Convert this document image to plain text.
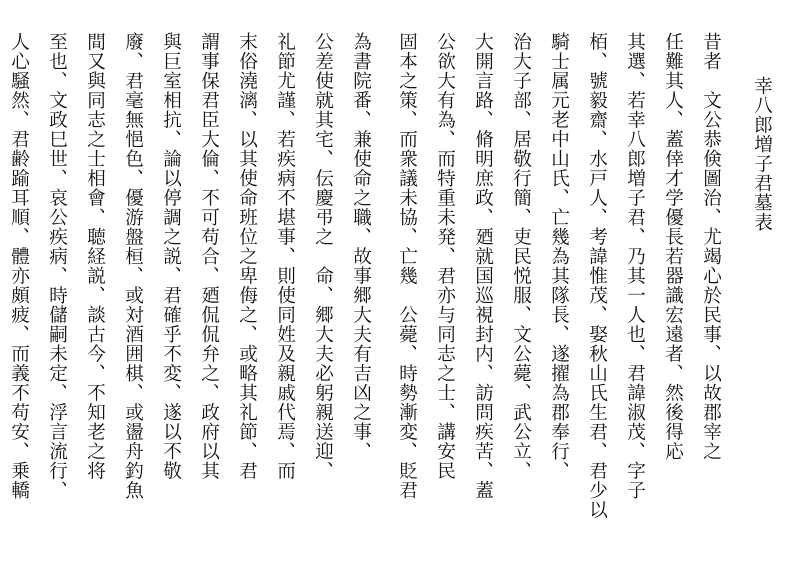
幸八郎増子君墓表
昔者　文公恭倹圖治、尤竭心於民事、以故郡宰之
任難其人、蓋倖才学優長若器識宏遠者、然後得応
其選、若幸八郎増子君、乃其一人也、君諱淑茂、字子
栢、號毅齋、水戸人、考諱惟茂、娶秋山氏生君、君少以
騎士属元老中山氏、亡幾為其隊長、遂擢為郡奉行、
治大子部、居敬行簡、吏民悦服、文公薨、武公立、
大開言路、脩明庶政、廼就国巡視封内、訪問疾苦、蓋
公欲大有為、而特重未発、君亦与同志之士、講安民
固本之策、而衆議未協、亡幾　公薨、時勢漸変、貶君
為書院番、兼使命之職、故事郷大夫有吉凶之事、
公差使就其宅、伝慶弔之　命、郷大夫必躬親送迎、
礼節尤謹、若疾病不堪事、則使同姓及親戚代焉、而
末俗澆漓、以其使命班位之卑侮之、或略其礼節、君
謂事保君臣大倫、不可苟合、廼侃侃弁之、政府以其
與巨室相抗、論以停調之説、君確乎不変、遂以不敬
廢、君毫無悒色、優游盤桓、或対酒囲棋、或盪舟釣魚
間又與同志之士相會、聴経説、談古今、不知老之将
至也、文政巳世、哀公疾病、時儲嗣未定、浮言流行、
人心騒然、君齢踰耳順、體亦頗疲、而義不苟安、乗轎
